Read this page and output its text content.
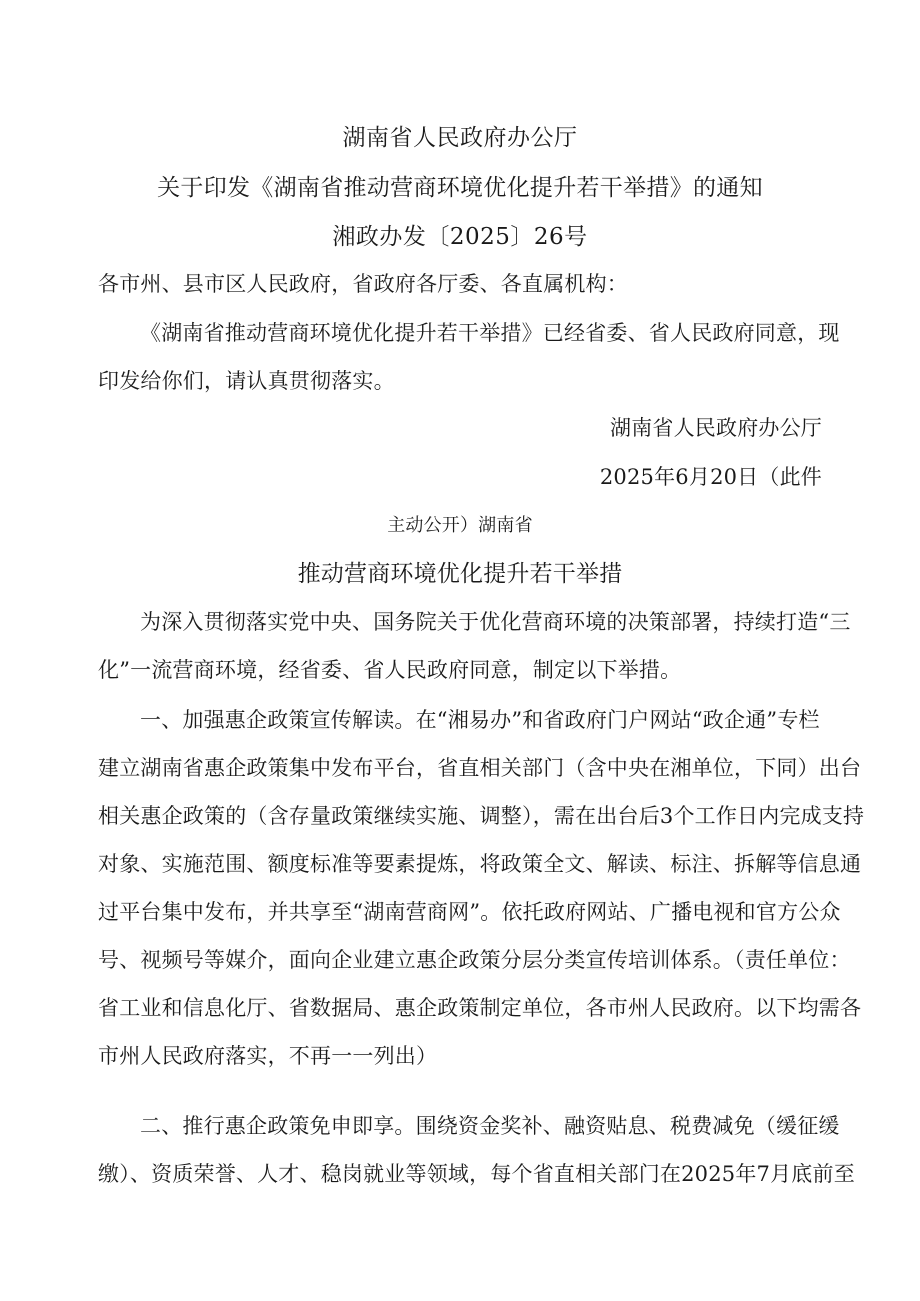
湖南省人民政府办公厅
关于印发《湖南省推动营商环境优化提升若干举措》的通知
湘政办发〔2025〕26号
各市州、县市区人民政府，省政府各厅委、各直属机构：
《湖南省推动营商环境优化提升若干举措》已经省委、省人民政府同意，现
印发给你们，请认真贯彻落实。
湖南省人民政府办公厅
2025年6月20日（此件
主动公开）湖南省
推动营商环境优化提升若干举措
为深入贯彻落实党中央、国务院关于优化营商环境的决策部署，持续打造“三
化”一流营商环境，经省委、省人民政府同意，制定以下举措。
一、加强惠企政策宣传解读。在“湘易办”和省政府门户网站“政企通”专栏
建立湖南省惠企政策集中发布平台，省直相关部门（含中央在湘单位，下同）出台
相关惠企政策的（含存量政策继续实施、调整），需在出台后3个工作日内完成支持
对象、实施范围、额度标准等要素提炼，将政策全文、解读、标注、拆解等信息通
过平台集中发布，并共享至“湖南营商网”。依托政府网站、广播电视和官方公众
号、视频号等媒介，面向企业建立惠企政策分层分类宣传培训体系。（责任单位：
省工业和信息化厅、省数据局、惠企政策制定单位，各市州人民政府。以下均需各
市州人民政府落实，不再一一列出）
二、推行惠企政策免申即享。围绕资金奖补、融资贴息、税费减免（缓征缓
缴）、资质荣誉、人才、稳岗就业等领域，每个省直相关部门在2025年7月底前至
